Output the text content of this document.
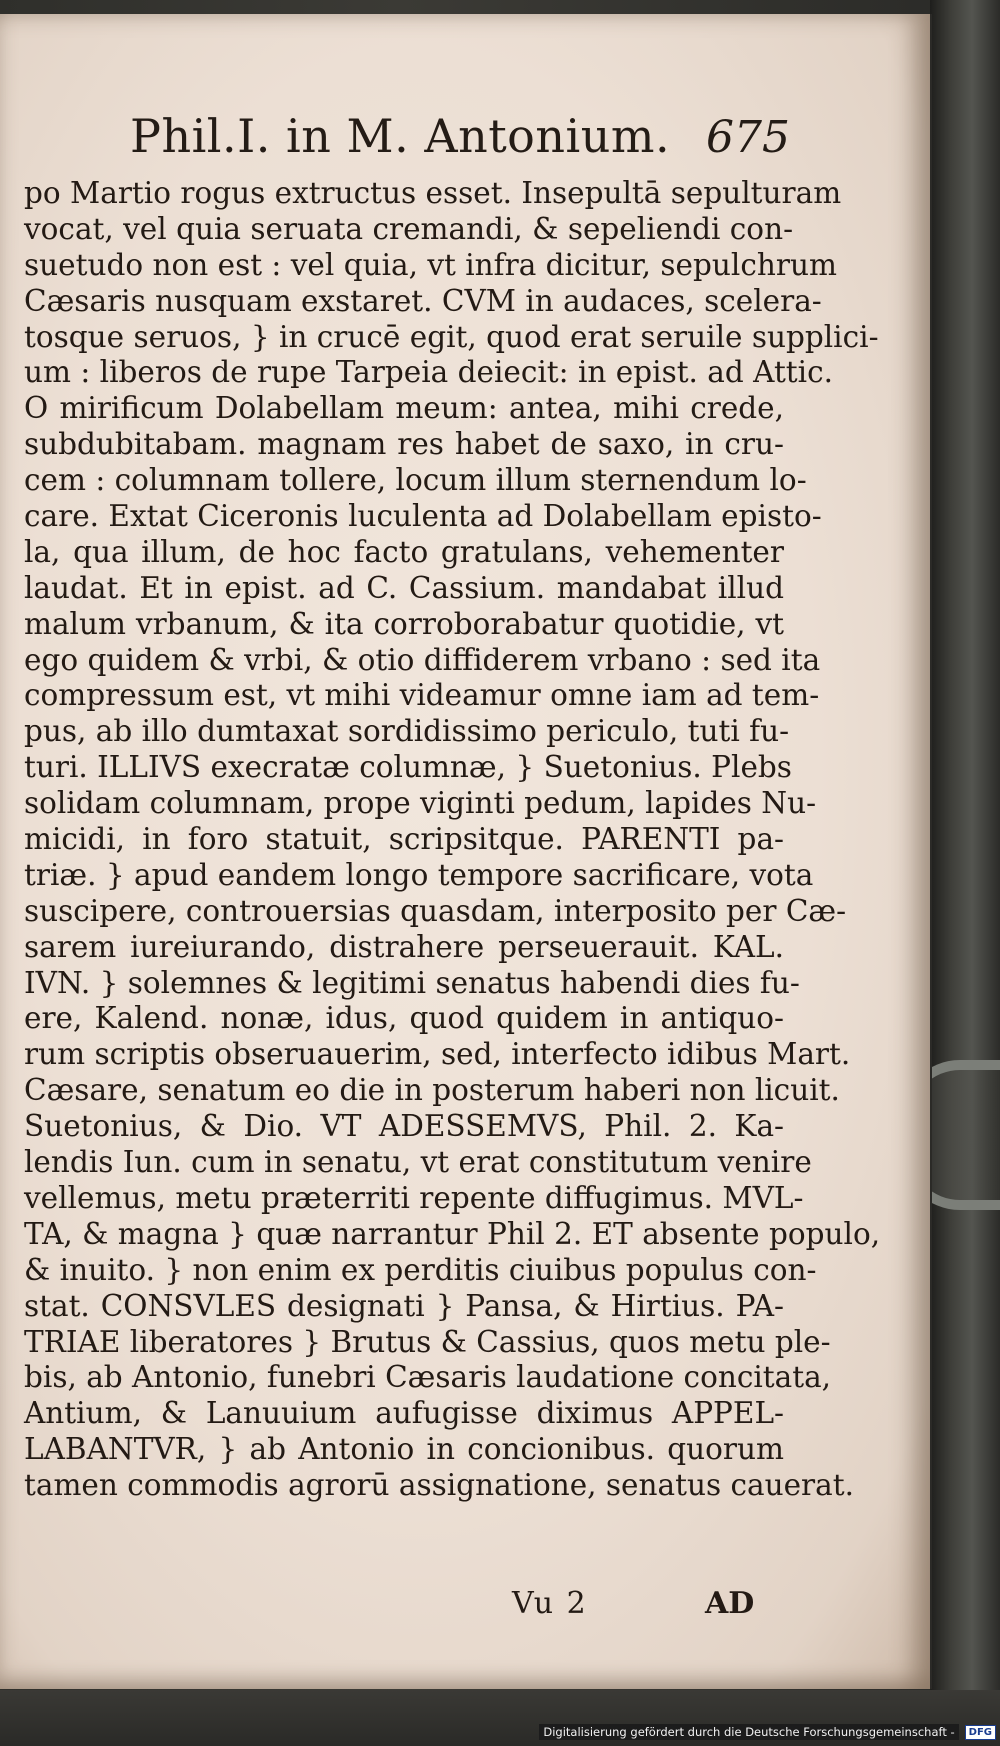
Phil.I. in M. Antonium. 675
po Martio rogus extructus esset. Insepultā sepulturam
vocat, vel quia seruata cremandi, & sepeliendi con-
suetudo non est : vel quia, vt infra dicitur, sepulchrum
Cæsaris nusquam exstaret. CVM in audaces, scelera-
tosque seruos, } in crucē egit, quod erat seruile supplici-
um : liberos de rupe Tarpeia deiecit: in epist. ad Attic.
O mirificum Dolabellam meum: antea, mihi crede,
subdubitabam. magnam res habet de saxo, in cru-
cem : columnam tollere, locum illum sternendum lo-
care. Extat Ciceronis luculenta ad Dolabellam episto-
la, qua illum, de hoc facto gratulans, vehementer
laudat. Et in epist. ad C. Cassium. mandabat illud
malum vrbanum, & ita corroborabatur quotidie, vt
ego quidem & vrbi, & otio diffiderem vrbano : sed ita
compressum est, vt mihi videamur omne iam ad tem-
pus, ab illo dumtaxat sordidissimo periculo, tuti fu-
turi. ILLIVS execratæ columnæ, } Suetonius. Plebs
solidam columnam, prope viginti pedum, lapides Nu-
micidi, in foro statuit, scripsitque. PARENTI pa-
triæ. } apud eandem longo tempore sacrificare, vota
suscipere, controuersias quasdam, interposito per Cæ-
sarem iureiurando, distrahere perseuerauit. KAL.
IVN. } solemnes & legitimi senatus habendi dies fu-
ere, Kalend. nonæ, idus, quod quidem in antiquo-
rum scriptis obseruauerim, sed, interfecto idibus Mart.
Cæsare, senatum eo die in posterum haberi non licuit.
Suetonius, & Dio. VT ADESSEMVS, Phil. 2. Ka-
lendis Iun. cum in senatu, vt erat constitutum venire
vellemus, metu præterriti repente diffugimus. MVL-
TA, & magna } quæ narrantur Phil 2. ET absente populo,
& inuito. } non enim ex perditis ciuibus populus con-
stat. CONSVLES designati } Pansa, & Hirtius. PA-
TRIAE liberatores } Brutus & Cassius, quos metu ple-
bis, ab Antonio, funebri Cæsaris laudatione concitata,
Antium, & Lanuuium aufugisse diximus APPEL-
LABANTVR, } ab Antonio in concionibus. quorum
tamen commodis agrorū assignatione, senatus cauerat.
Vu 2	AD
Digitalisierung gefördert durch die Deutsche Forschungsgemeinschaft -	DFG
